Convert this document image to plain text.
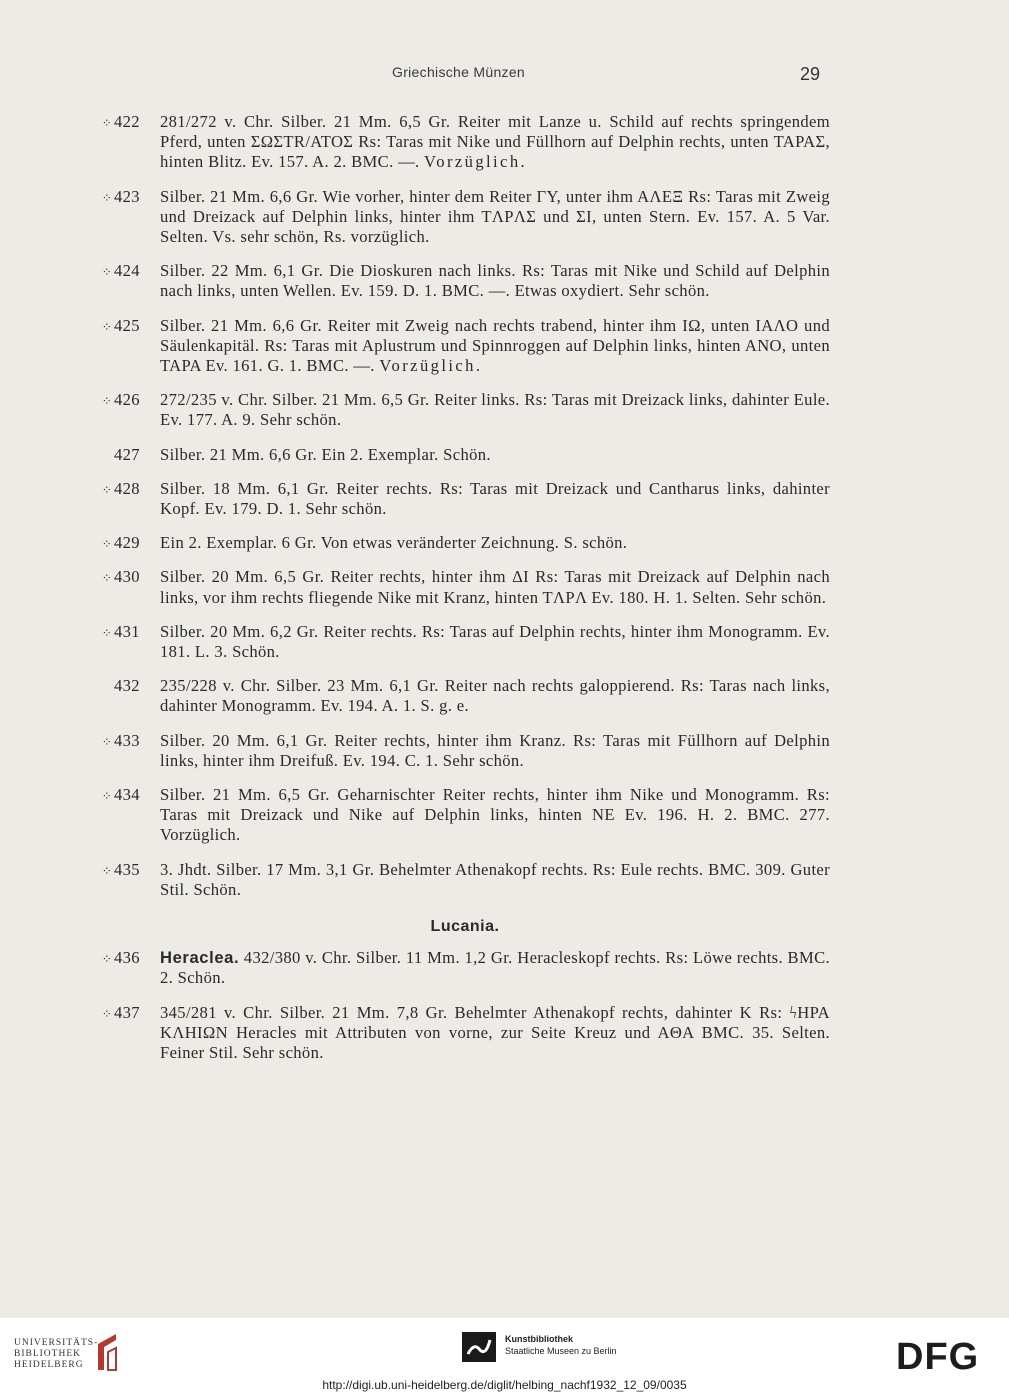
Griechische Münzen	29
⁘ 422	281/272 v. Chr. Silber. 21 Mm. 6,5 Gr. Reiter mit Lanze u. Schild auf rechts springendem Pferd, unten ΣΩΣTR/ATOΣ Rs: Taras mit Nike und Füllhorn auf Delphin rechts, unten TAPAΣ, hinten Blitz. Ev. 157. A. 2. BMC. —. Vorzüglich.
⁘ 423	Silber. 21 Mm. 6,6 Gr. Wie vorher, hinter dem Reiter ΓY, unter ihm AΛEΞ Rs: Taras mit Zweig und Dreizack auf Delphin links, hinter ihm TΛPΛΣ und ΣI, unten Stern. Ev. 157. A. 5 Var. Selten. Vs. sehr schön, Rs. vorzüglich.
⁘ 424	Silber. 22 Mm. 6,1 Gr. Die Dioskuren nach links. Rs: Taras mit Nike und Schild auf Delphin nach links, unten Wellen. Ev. 159. D. 1. BMC. —. Etwas oxydiert. Sehr schön.
⁘ 425	Silber. 21 Mm. 6,6 Gr. Reiter mit Zweig nach rechts trabend, hinter ihm IΩ, unten IAΛO und Säulenkapitäl. Rs: Taras mit Aplustrum und Spinnroggen auf Delphin links, hinten ANO, unten TAPA Ev. 161. G. 1. BMC. —. Vorzüglich.
⁘ 426	272/235 v. Chr. Silber. 21 Mm. 6,5 Gr. Reiter links. Rs: Taras mit Dreizack links, dahinter Eule. Ev. 177. A. 9. Sehr schön.
427	Silber. 21 Mm. 6,6 Gr. Ein 2. Exemplar. Schön.
⁘ 428	Silber. 18 Mm. 6,1 Gr. Reiter rechts. Rs: Taras mit Dreizack und Cantharus links, dahinter Kopf. Ev. 179. D. 1. Sehr schön.
⁘ 429	Ein 2. Exemplar. 6 Gr. Von etwas veränderter Zeichnung. S. schön.
⁘ 430	Silber. 20 Mm. 6,5 Gr. Reiter rechts, hinter ihm ΔI Rs: Taras mit Dreizack auf Delphin nach links, vor ihm rechts fliegende Nike mit Kranz, hinten TΛPΛ Ev. 180. H. 1. Selten. Sehr schön.
⁘ 431	Silber. 20 Mm. 6,2 Gr. Reiter rechts. Rs: Taras auf Delphin rechts, hinter ihm Monogramm. Ev. 181. L. 3. Schön.
432	235/228 v. Chr. Silber. 23 Mm. 6,1 Gr. Reiter nach rechts galoppierend. Rs: Taras nach links, dahinter Monogramm. Ev. 194. A. 1. S. g. e.
⁘ 433	Silber. 20 Mm. 6,1 Gr. Reiter rechts, hinter ihm Kranz. Rs: Taras mit Füllhorn auf Delphin links, hinter ihm Dreifuß. Ev. 194. C. 1. Sehr schön.
⁘ 434	Silber. 21 Mm. 6,5 Gr. Geharnischter Reiter rechts, hinter ihm Nike und Monogramm. Rs: Taras mit Dreizack und Nike auf Delphin links, hinten NE Ev. 196. H. 2. BMC. 277. Vorzüglich.
⁘ 435	3. Jhdt. Silber. 17 Mm. 3,1 Gr. Behelmter Athenakopf rechts. Rs: Eule rechts. BMC. 309. Guter Stil. Schön.
Lucania.
⁘ 436	Heraclea. 432/380 v. Chr. Silber. 11 Mm. 1,2 Gr. Heracleskopf rechts. Rs: Löwe rechts. BMC. 2. Schön.
⁘ 437	345/281 v. Chr. Silber. 21 Mm. 7,8 Gr. Behelmter Athenakopf rechts, dahinter K Rs: ϟHPA KΛHIΩN Heracles mit Attributen von vorne, zur Seite Kreuz und AΘA BMC. 35. Selten. Feiner Stil. Sehr schön.
UNIVERSITÄTS-
BIBLIOTHEK
HEIDELBERG
Kunstbibliothek
Staatliche Museen zu Berlin	DFG
http://digi.ub.uni-heidelberg.de/diglit/helbing_nachf1932_12_09/0035
